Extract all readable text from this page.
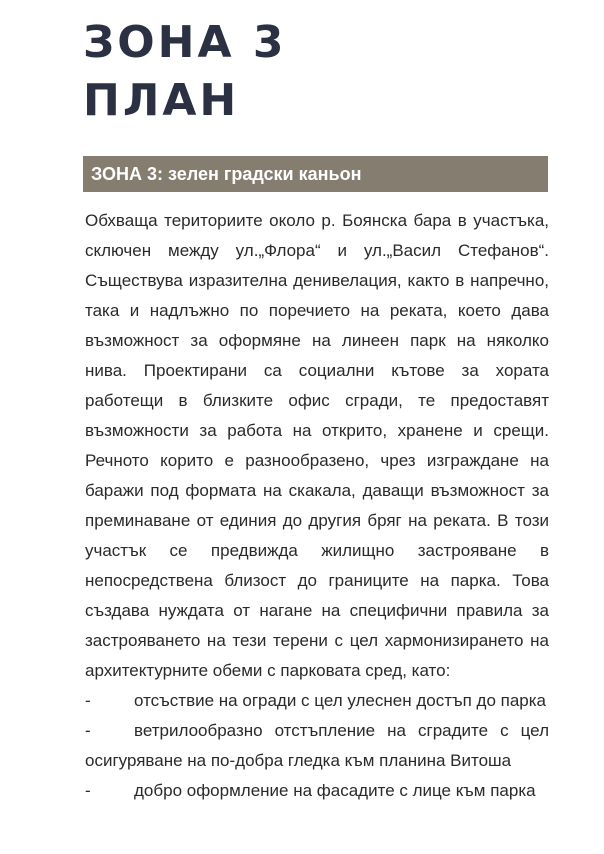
ЗОНА 3
ПЛАН
ЗОНА 3: зелен градски каньон

Обхваща териториите около р. Боянска бара в участъка, сключен между ул.„Флора“ и ул.„Васил Стефанов“. Съществува изразителна денивелация, както в напречно, така и надлъжно по поречието на реката, което дава възможност за оформяне на линеен парк на няколко нива. Проектирани са социални кътове за хората работещи в близките офис сгради, те предоставят възможности за работа на открито, хранене и срещи. Речното корито е разнообразено, чрез изграждане на баражи под формата на скакала, даващи възможност за преминаване от единия до другия бряг на реката. В този участък се предвижда жилищно застрояване в непосредствена близост до границите на парка. Това създава нуждата от нагане на специфични правила за застрояването на тези терени с цел хармонизирането на архитектурните обеми с парковата сред, като:

-	отсъствие на огради с цел улеснен достъп до парка
-	ветрилообразно отстъпление на сградите с цел осигуряване на по-добра гледка към планина Витоша
-	добро оформление на фасадите с лице към парка
